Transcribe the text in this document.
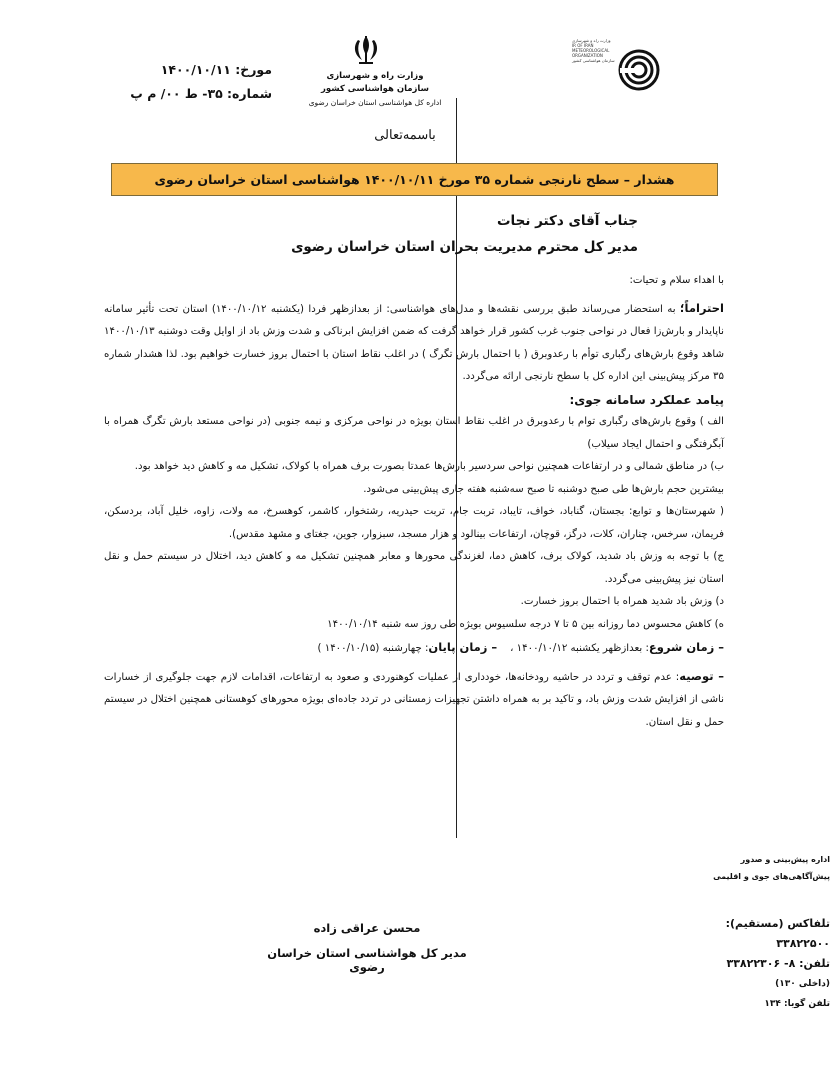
مورخ: ۱۴۰۰/۱۰/۱۱
شماره: ۳۵- ط ۰۰/ م پ
وزارت راه و شهرسازی
سازمان هواشناسی کشور
اداره کل هواشناسی استان خراسان رضوی
وزارت راه و شهرسازی
IR OF IRAN
METEOROLOGICAL
ORGANIZATION
سازمان هواشناسی کشور
باسمه‌تعالی
هشدار – سطح نارنجی شماره ۳۵ مورخ ۱۴۰۰/۱۰/۱۱ هواشناسی استان خراسان رضوی
جناب آقای دکتر نجات
مدیر کل محترم مدیریت بحران استان خراسان رضوی

با اهداء سلام و تحیات:

احتراماً؛ به استحضار می‌رساند طبق بررسی نقشه‌ها و مدل‌های هواشناسی: از بعدازظهر فردا (یکشنبه ۱۴۰۰/۱۰/۱۲) استان تحت تأثیر سامانه ناپایدار و بارش‌زا فعال در نواحی جنوب غرب کشور قرار خواهد گرفت که ضمن افزایش ابرناکی و شدت وزش باد از اوایل وقت دوشنبه ۱۴۰۰/۱۰/۱۳ شاهد وقوع بارش‌های رگباری توأم با رعدوبرق ( با احتمال بارش تگرگ ) در اغلب نقاط استان با احتمال بروز خسارت خواهیم بود. لذا هشدار شماره ۳۵ مرکز پیش‌بینی این اداره کل با سطح نارنجی ارائه می‌گردد.

پیامد عملکرد سامانه جوی:

الف ) وقوع بارش‌های رگباری توام با رعدوبرق در اغلب نقاط استان بویژه در نواحی مرکزی و نیمه جنوبی (در نواحی مستعد بارش تگرگ همراه با آبگرفتگی و احتمال ایجاد سیلاب)

ب) در مناطق شمالی و در ارتفاعات همچنین نواحی سردسیر بارش‌ها عمدتا بصورت برف همراه با کولاک، تشکیل مه و کاهش دید خواهد بود.

بیشترین حجم بارش‌ها طی صبح دوشنبه تا صبح سه‌شنبه هفته جاری پیش‌بینی می‌شود.

( شهرستان‌ها و توابع: بجستان، گناباد، خواف، تایباد، تربت جام، تربت حیدریه، رشتخوار، کاشمر، کوهسرخ، مه ولات، زاوه، خلیل آباد، بردسکن، فریمان، سرخس، چناران، کلات، درگز، قوچان، ارتفاعات بینالود و هزار مسجد، سبزوار، جوین، جغتای و مشهد مقدس).

ج) با توجه به وزش باد شدید، کولاک برف، کاهش دما، لغزندگی محورها و معابر همچنین تشکیل مه و کاهش دید، اختلال در سیستم حمل و نقل استان نیز پیش‌بینی می‌گردد.

د) وزش باد شدید همراه با احتمال بروز خسارت.

ه) کاهش محسوس دما روزانه بین ۵ تا ۷ درجه سلسیوس بویژه طی روز سه شنبه ۱۴۰۰/۱۰/۱۴

– زمان شروع: بعدازظهر یکشنبه ۱۴۰۰/۱۰/۱۲ ،    – زمان پایان: چهارشنبه (۱۴۰۰/۱۰/۱۵ )

– توصیه: عدم توقف و تردد در حاشیه رودخانه‌ها، خودداری از عملیات کوهنوردی و صعود به ارتفاعات، اقدامات لازم جهت جلوگیری از خسارات ناشی از افزایش شدت وزش باد، و تاکید بر به همراه داشتن تجهیزات زمستانی در تردد جاده‌ای بویژه محورهای کوهستانی همچنین اختلال در سیستم حمل و نقل استان.

محسن عراقی زاده
مدیر کل هواشناسی استان خراسان رضوی
اداره پیش‌بینی و صدور
پیش‌آگاهی‌های جوی و اقلیمی
تلفاکس (مستقیم): ۳۳۸۲۲۵۰۰
تلفن: ۸- ۳۳۸۲۲۳۰۶
(داخلی ۱۳۰)
تلفن گویا: ۱۳۴
